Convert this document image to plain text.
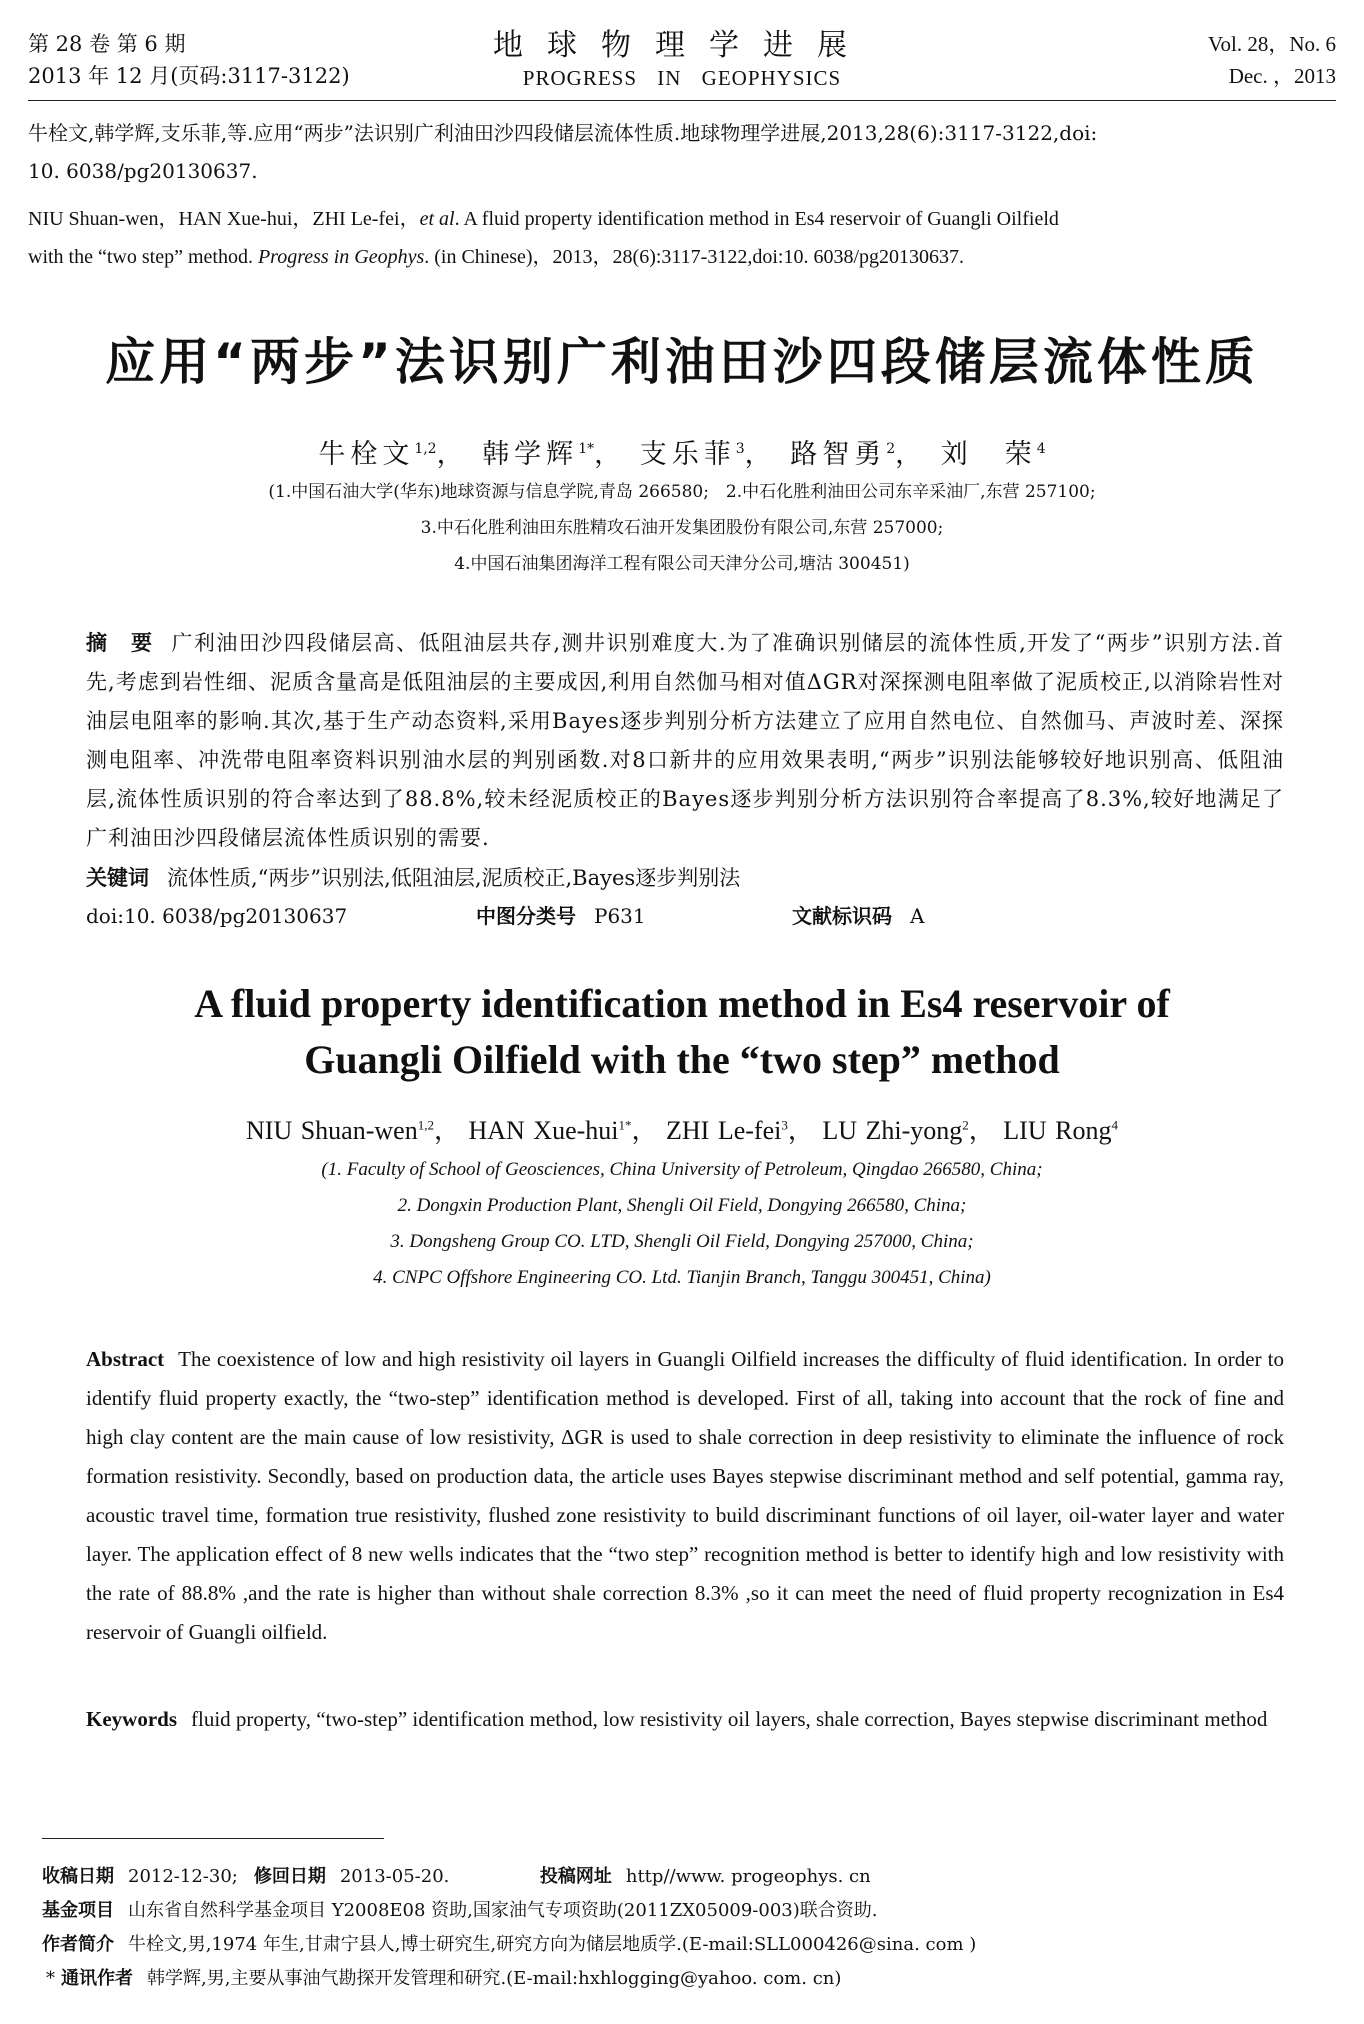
第 28 卷 第 6 期
2013 年 12 月(页码:3117-3122)
地球物理学进展
PROGRESS IN GEOPHYSICS
Vol. 28，No. 6
Dec. ，2013
牛栓文,韩学辉,支乐菲,等.应用“两步”法识别广利油田沙四段储层流体性质.地球物理学进展,2013,28(6):3117-3122,doi:
10. 6038/pg20130637.
NIU Shuan-wen，HAN Xue-hui，ZHI Le-fei，et al. A fluid property identification method in Es4 reservoir of Guangli Oilfield
with the “two step” method. Progress in Geophys. (in Chinese)，2013，28(6):3117-3122,doi:10. 6038/pg20130637.
应用“两步”法识别广利油田沙四段储层流体性质
牛栓文$^{1,2}$， 韩学辉$^{1*}$， 支乐菲$^3$， 路智勇$^2$， 刘　荣$^4$
(1.中国石油大学(华东)地球资源与信息学院,青岛 266580;　2.中石化胜利油田公司东辛采油厂,东营 257100;
3.中石化胜利油田东胜精攻石油开发集团股份有限公司,东营 257000;
4.中国石油集团海洋工程有限公司天津分公司,塘沽 300451)
摘　要 广利油田沙四段储层高、低阻油层共存,测井识别难度大.为了准确识别储层的流体性质,开发了“两步”识别方法.首先,考虑到岩性细、泥质含量高是低阻油层的主要成因,利用自然伽马相对值ΔGR对深探测电阻率做了泥质校正,以消除岩性对油层电阻率的影响.其次,基于生产动态资料,采用Bayes逐步判别分析方法建立了应用自然电位、自然伽马、声波时差、深探测电阻率、冲洗带电阻率资料识别油水层的判别函数.对8口新井的应用效果表明,“两步”识别法能够较好地识别高、低阻油层,流体性质识别的符合率达到了88.8%,较未经泥质校正的Bayes逐步判别分析方法识别符合率提高了8.3%,较好地满足了广利油田沙四段储层流体性质识别的需要.
关键词 流体性质,“两步”识别法,低阻油层,泥质校正,Bayes逐步判别法
doi:10. 6038/pg20130637	中图分类号 P631	文献标识码 A
A fluid property identification method in Es4 reservoir of
Guangli Oilfield with the “two step” method
NIU Shuan-wen$^{1,2}$， HAN Xue-hui$^{1*}$， ZHI Le-fei$^3$， LU Zhi-yong$^2$， LIU Rong$^4$
(1. Faculty of School of Geosciences, China University of Petroleum, Qingdao 266580, China;
2. Dongxin Production Plant, Shengli Oil Field, Dongying 266580, China;
3. Dongsheng Group CO. LTD, Shengli Oil Field, Dongying 257000, China;
4. CNPC Offshore Engineering CO. Ltd. Tianjin Branch, Tanggu 300451, China)
Abstract The coexistence of low and high resistivity oil layers in Guangli Oilfield increases the difficulty of fluid identification. In order to identify fluid property exactly, the “two-step” identification method is developed. First of all, taking into account that the rock of fine and high clay content are the main cause of low resistivity, ΔGR is used to shale correction in deep resistivity to eliminate the influence of rock formation resistivity. Secondly, based on production data, the article uses Bayes stepwise discriminant method and self potential, gamma ray, acoustic travel time, formation true resistivity, flushed zone resistivity to build discriminant functions of oil layer, oil-water layer and water layer. The application effect of 8 new wells indicates that the “two step” recognition method is better to identify high and low resistivity with the rate of 88.8% ,and the rate is higher than without shale correction 8.3% ,so it can meet the need of fluid property recognization in Es4 reservoir of Guangli oilfield.
Keywords fluid property, “two-step” identification method, low resistivity oil layers, shale correction, Bayes stepwise discriminant method
收稿日期 2012-12-30; 修回日期 2013-05-20.	投稿网址 http//www. progeophys. cn
基金项目 山东省自然科学基金项目 Y2008E08 资助,国家油气专项资助(2011ZX05009-003)联合资助.
作者简介 牛栓文,男,1974 年生,甘肃宁县人,博士研究生,研究方向为储层地质学.(E-mail:SLL000426@sina. com )
* 通讯作者 韩学辉,男,主要从事油气勘探开发管理和研究.(E-mail:hxhlogging@yahoo. com. cn)
